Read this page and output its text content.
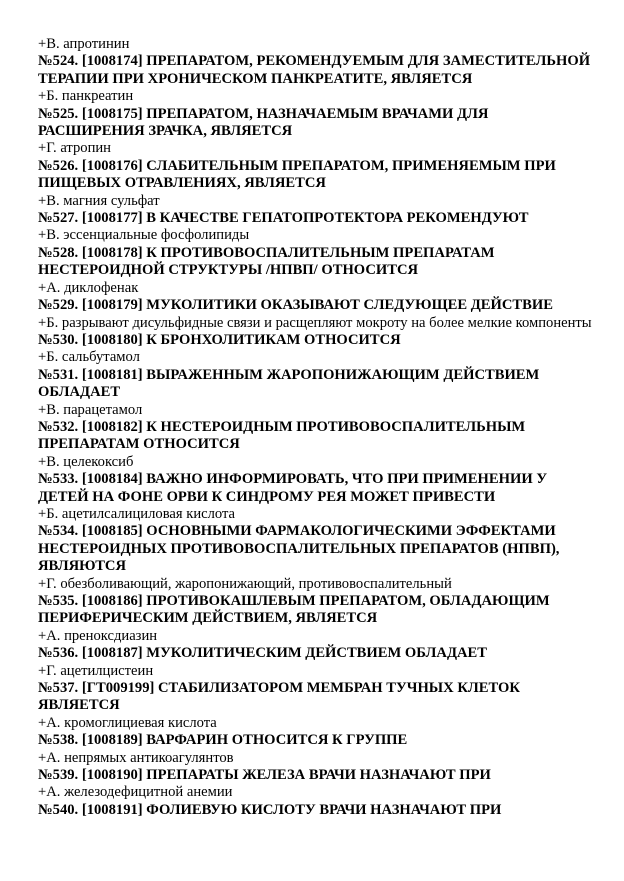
+В. апротинин

№524. [1008174] ПРЕПАРАТОМ, РЕКОМЕНДУЕМЫМ ДЛЯ ЗАМЕСТИТЕЛЬНОЙ ТЕРАПИИ ПРИ ХРОНИЧЕСКОМ ПАНКРЕАТИТЕ, ЯВЛЯЕТСЯ

+Б. панкреатин

№525. [1008175] ПРЕПАРАТОМ, НАЗНАЧАЕМЫМ ВРАЧАМИ ДЛЯ РАСШИРЕНИЯ ЗРАЧКА, ЯВЛЯЕТСЯ

+Г. атропин

№526. [1008176] СЛАБИТЕЛЬНЫМ ПРЕПАРАТОМ, ПРИМЕНЯЕМЫМ ПРИ ПИЩЕВЫХ ОТРАВЛЕНИЯХ, ЯВЛЯЕТСЯ

+В. магния сульфат

№527. [1008177] В КАЧЕСТВЕ ГЕПАТОПРОТЕКТОРА РЕКОМЕНДУЮТ

+В. эссенциальные фосфолипиды

№528. [1008178] К ПРОТИВОВОСПАЛИТЕЛЬНЫМ ПРЕПАРАТАМ НЕСТЕРОИДНОЙ СТРУКТУРЫ /НПВП/ ОТНОСИТСЯ

+А. диклофенак

№529. [1008179] МУКОЛИТИКИ ОКАЗЫВАЮТ СЛЕДУЮЩЕЕ ДЕЙСТВИЕ

+Б. разрывают дисульфидные связи и расщепляют мокроту на более мелкие компоненты

№530. [1008180] К БРОНХОЛИТИКАМ ОТНОСИТСЯ

+Б. сальбутамол

№531. [1008181] ВЫРАЖЕННЫМ ЖАРОПОНИЖАЮЩИМ ДЕЙСТВИЕМ ОБЛАДАЕТ

+В. парацетамол

№532. [1008182] К НЕСТЕРОИДНЫМ ПРОТИВОВОСПАЛИТЕЛЬНЫМ ПРЕПАРАТАМ ОТНОСИТСЯ

+В. целекоксиб

№533. [1008184] ВАЖНО ИНФОРМИРОВАТЬ, ЧТО ПРИ ПРИМЕНЕНИИ У ДЕТЕЙ НА ФОНЕ ОРВИ К СИНДРОМУ РЕЯ МОЖЕТ ПРИВЕСТИ

+Б. ацетилсалициловая кислота

№534. [1008185] ОСНОВНЫМИ ФАРМАКОЛОГИЧЕСКИМИ ЭФФЕКТАМИ НЕСТЕРОИДНЫХ ПРОТИВОВОСПАЛИТЕЛЬНЫХ ПРЕПАРАТОВ (НПВП), ЯВЛЯЮТСЯ

+Г. обезболивающий, жаропонижающий, противовоспалительный

№535. [1008186] ПРОТИВОКАШЛЕВЫМ ПРЕПАРАТОМ, ОБЛАДАЮЩИМ ПЕРИФЕРИЧЕСКИМ ДЕЙСТВИЕМ, ЯВЛЯЕТСЯ

+А. преноксдиазин

№536. [1008187] МУКОЛИТИЧЕСКИМ ДЕЙСТВИЕМ ОБЛАДАЕТ

+Г. ацетилцистеин

№537. [ГТ009199] СТАБИЛИЗАТОРОМ МЕМБРАН ТУЧНЫХ КЛЕТОК ЯВЛЯЕТСЯ

+А. кромоглициевая кислота

№538. [1008189] ВАРФАРИН ОТНОСИТСЯ К ГРУППЕ

+А. непрямых антикоагулянтов

№539. [1008190] ПРЕПАРАТЫ ЖЕЛЕЗА ВРАЧИ НАЗНАЧАЮТ ПРИ

+А. железодефицитной анемии

№540. [1008191] ФОЛИЕВУЮ КИСЛОТУ ВРАЧИ НАЗНАЧАЮТ ПРИ
